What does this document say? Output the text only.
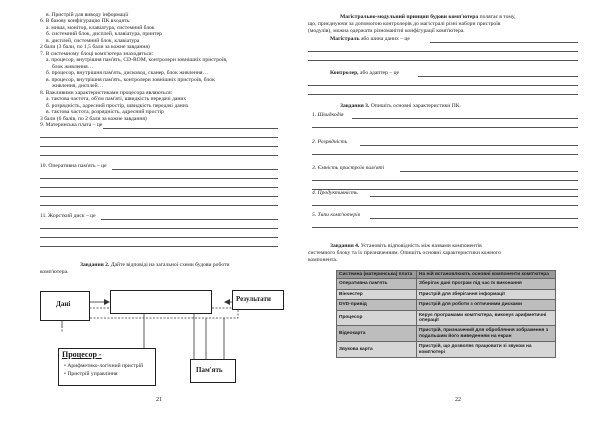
в. Пристрій для виводу інформації
6. В базову конфігурацію ПК входять:
а. миша, монітор, клавіатура, системний блок
б. системний блок, дисплей, клавіатура, принтер
в. дисплей, системний блок, клавіатура
2 бали (3 бали, по 1,5 бали за кожне завдання)
7. В системному блоці комп'ютера знаходяться:
а. процесор, внутрішня пам'ять, CD-ROM, контролери зовнішніх пристроїв,
блок живлення…
б. процесор, внутрішня пам'ять, дисковод, сканер, блок живлення…
в. процесор, внутрішня пам'ять, контролери зовнішніх пристроїв, блок
живлення, дисплей…
8. Важливими характеристиками процесора являються:
а. тактова частота, об'єм пам'яті, швидкість передачі даних
б. розрядність, адресний простір, швидкість передачі даних
в. тактова частота, розрядність, адресний простір
3 бали (6 балів, по 2 бали за кожне завдання)
9. Материнська плата – це
10. Оперативна пам'ять – це
11. Жорсткий диск – це
Завдання 2. Дайте відповіді на загальної схеми будови роботи
комп'ютера.
Дані
Результати
Процесор -
• Арифметико-логічний пристрій
• Пристрій управління	Пам'ять
21
Магістрально-модульний принцип будови комп'ютера полягає в тому,
що, приєднуючи за допомогою контролерів до магістралі різні набори пристроїв
(модулів), можна одержати різноманітні конфігурації комп'ютера.
Магістраль або шина даних – це
Контролер, або адаптер – це
Завдання 3. Опишіть основні характеристики ПК.
1. Швидкодія
2. Розрядність
3. Ємність пристроїв пам'яті
4. Продуктивність
5. Типи комп'ютерів
Завдання 4. Установіть відповідність між назвами компонентів
системного блоку та їх призначенням. Опишіть основні характеристики кожного
компонента.
Системна (материнська) плата	На ній встановлюють основні компоненти комп'ютера
Оперативна пам'ять	Зберігає дані програм під час їх виконання
Вінчестер	Пристрій для зберігання інформації
DVD-привід	Пристрій для роботи з оптичними дисками
Процесор	Керує програмами комп'ютера, виконує арифметичні операції
Відеокарта	Пристрій, призначений для обробляння зображення з подальшим його виведенням на екран
Звукова карта	Пристрій, що дозволяє працювати зі звуком на комп'ютері
22
